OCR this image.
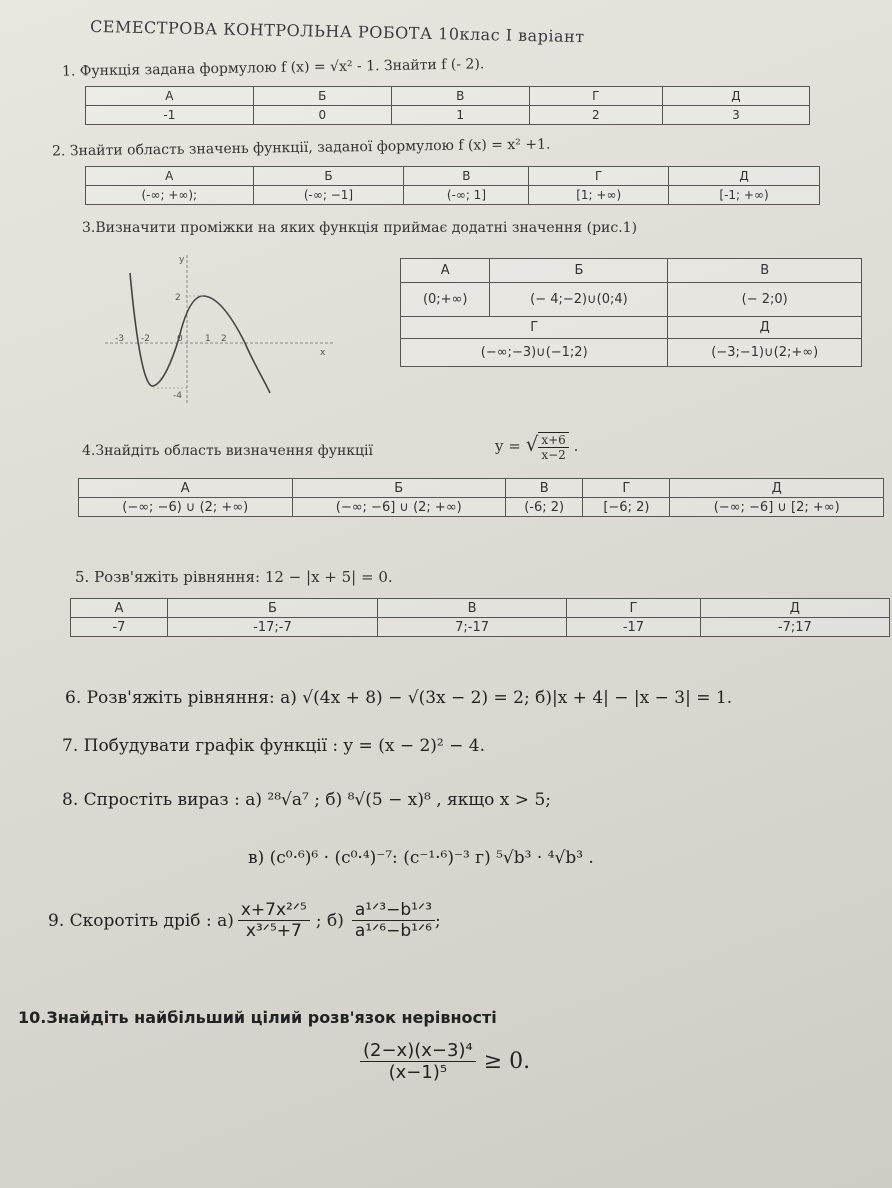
СЕМЕСТРОВА КОНТРОЛЬНА РОБОТА 10клас І варіант
1. Функція задана формулою f (x) = √x² - 1. Знайти f (- 2).
А	Б	В	Г	Д
-1	0	1	2	3
2. Знайти область значень функції, заданої формулою f (x) = x² +1.
А	Б	В	Г	Д
(-∞; +∞);	(-∞; −1]	(-∞; 1]	[1; +∞)	[-1; +∞)
3.Визначити проміжки на яких функція приймає додатні значення (рис.1)
y
x
2
-4
-3 -2	0 1 2
А	Б	В
(0;+∞)	(− 4;−2)∪(0;4)	(− 2;0)
Г		Д
(−∞;−3)∪(−1;2)		(−3;−1)∪(2;+∞)
4.Знайдіть область визначення функції	y = √ $\frac{x+6}{x-2}$ .
А	Б	В	Г	Д
(−∞; −6) ∪ (2; +∞)	(−∞; −6] ∪ (2; +∞)	(-6; 2)	[−6; 2)	(−∞; −6] ∪ [2; +∞)
5. Розв'яжіть рівняння: 12 − |x + 5| = 0.
А	Б	В	Г	Д
-7	-17;-7	7;-17	-17	-7;17
6. Розв'яжіть рівняння: а) √(4x + 8) − √(3x − 2) = 2; б)|x + 4| − |x − 3| = 1.
7. Побудувати графік функції : y = (x − 2)² − 4.
8. Спростіть вираз : а) ²⁸√a⁷ ; б) ⁸√(5 − x)⁸ , якщо x > 5;
в) (c⁰·⁶)⁶ · (c⁰·⁴)⁻⁷: (c⁻¹·⁶)⁻³ г) ⁵√b³ · ⁴√b³ .
9. Скоротіть дріб : $а) \frac{\text{x+7x²ᐟ⁵}}{\text{x³ᐟ⁵+7}}$ ; $б) \frac{\text{a¹ᐟ³−b¹ᐟ³}}{\text{a¹ᐟ⁶−b¹ᐟ⁶}}$ ;
10.Знайдіть найбільший цілий розв'язок нерівності
$\frac{\text{(2−x)(x−3)⁴}}{\text{(x−1)⁵}} \ge 0$.
